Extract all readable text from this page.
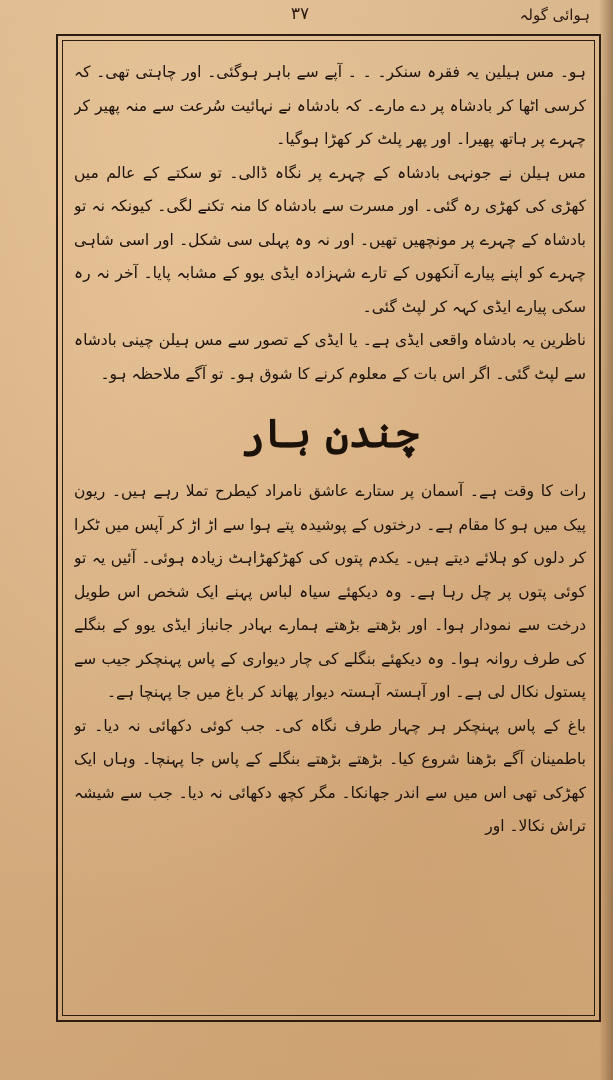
ہوائی گولہ
۳۷

ہو۔ مس ہیلین یہ فقرہ سنکر۔ ۔ ۔ آپے سے باہر ہوگئی۔ اور چاہتی تھی۔ کہ کرسی اٹھا کر بادشاہ پر دے مارے۔ کہ بادشاہ نے نہائیت سُرعت سے منہ پھیر کر چہرے پر ہاتھ پھیرا۔ اور پھر پلٹ کر کھڑا ہوگیا۔

مس ہیلن نے جونہی بادشاہ کے چہرے پر نگاہ ڈالی۔ تو سکتے کے عالم میں کھڑی کی کھڑی رہ گئی۔ اور مسرت سے بادشاہ کا منہ تکنے لگی۔ کیونکہ نہ تو بادشاہ کے چہرے پر مونچھیں تھیں۔ اور نہ وہ پہلی سی شکل۔ اور اسی شاہی چہرے کو اپنے پیارے آنکھوں کے تارے شہزادہ ایڈی یوو کے مشابہ پایا۔ آخر نہ رہ سکی پیارے ایڈی کہہ کر لپٹ گئی۔

ناظرین یہ بادشاہ واقعی ایڈی ہے۔ یا ایڈی کے تصور سے مس ہیلن چینی بادشاہ سے لپٹ گئی۔ اگر اس بات کے معلوم کرنے کا شوق ہو۔ تو آگے ملاحظہ ہو۔

چندن ہار

رات کا وقت ہے۔ آسمان پر ستارے عاشق نامراد کیطرح تملا رہے ہیں۔ ریون پیک میں ہو کا مقام ہے۔ درختوں کے پوشیدہ پتے ہوا سے اڑ اڑ کر آپس میں ٹکرا کر دلوں کو ہلائے دیتے ہیں۔ یکدم پتوں کی کھڑکھڑاہٹ زیادہ ہوئی۔ آئیں یہ تو کوئی پتوں پر چل رہا ہے۔ وہ دیکھئے سیاہ لباس پہنے ایک شخص اس طویل درخت سے نمودار ہوا۔ اور بڑھتے بڑھتے ہمارے بہادر جانباز ایڈی یوو کے بنگلے کی طرف روانہ ہوا۔ وہ دیکھئے بنگلے کی چار دیواری کے پاس پہنچکر جیب سے پستول نکال لی ہے۔ اور آہستہ آہستہ دیوار پھاند کر باغ میں جا پہنچا ہے۔

باغ کے پاس پہنچکر ہر چہار طرف نگاہ کی۔ جب کوئی دکھائی نہ دیا۔ تو باطمینان آگے بڑھنا شروع کیا۔ بڑھتے بڑھتے بنگلے کے پاس جا پہنچا۔ وہاں ایک کھڑکی تھی اس میں سے اندر جھانکا۔ مگر کچھ دکھائی نہ دیا۔ جب سے شیشہ تراش نکالا۔ اور
